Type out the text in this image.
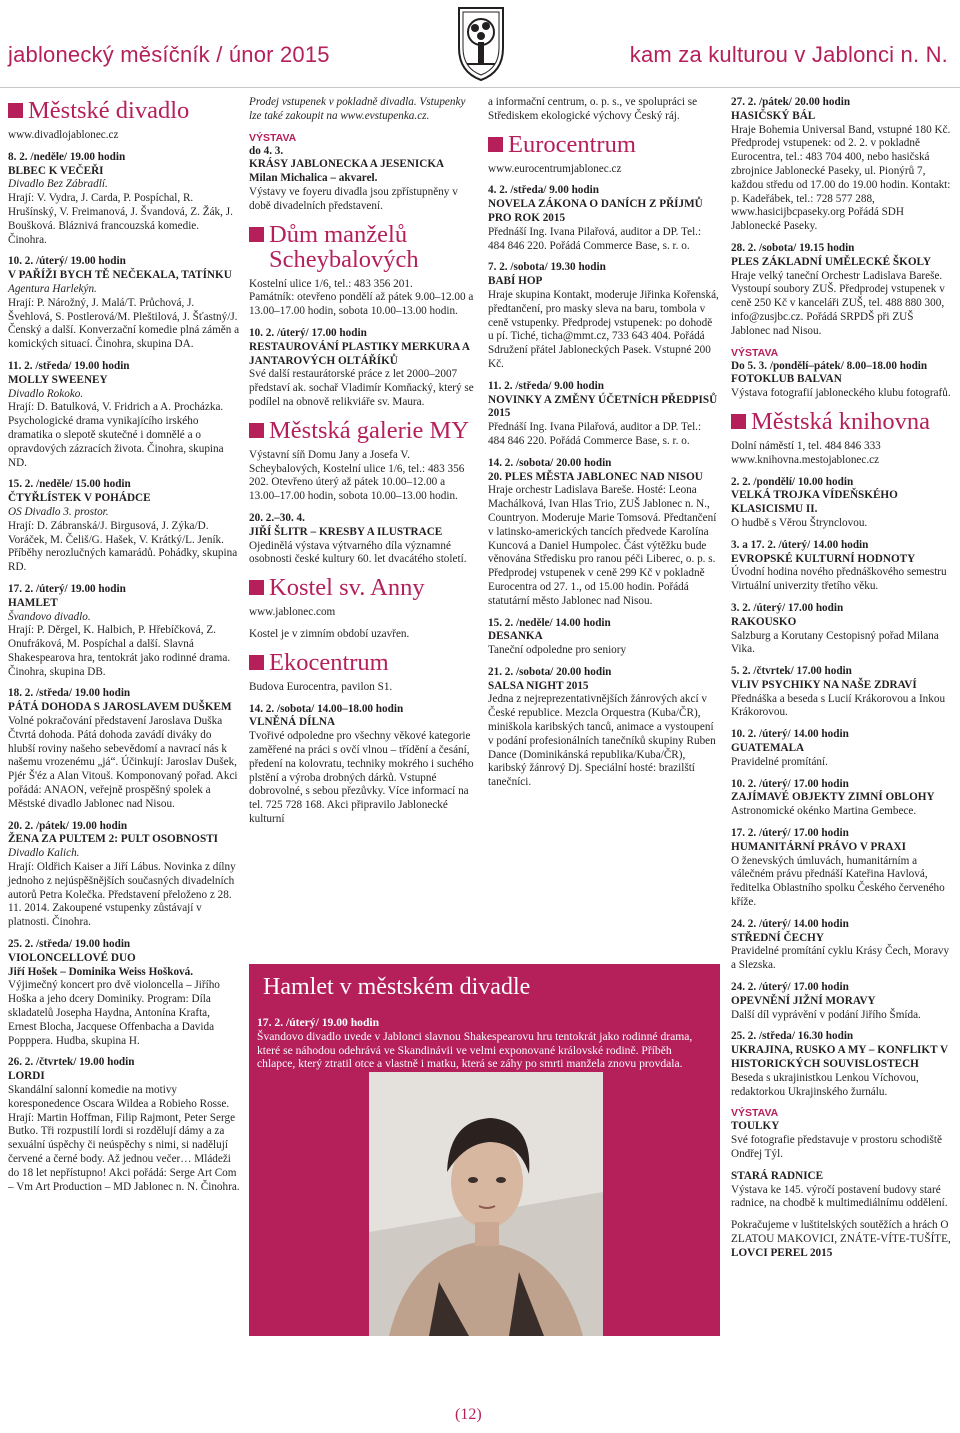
jablonecký měsíčník / únor 2015	kam za kulturou v Jablonci n. N.
Městské divadlo
www.divadlojablonec.cz
8. 2. /neděle/ 19.00 hodin
BLBEC K VEČEŘI
Divadlo Bez Zábradlí.
Hrají: V. Vydra, J. Carda, P. Pospíchal, R. Hrušínský, V. Freimanová, J. Švandová, Z. Žák, J. Boušková. Bláznivá francouzská komedie. Činohra.
10. 2. /úterý/ 19.00 hodin
V PAŘÍŽI BYCH TĚ NEČEKALA, TATÍNKU
Agentura Harlekýn.
Hrají: P. Nárožný, J. Malá/T. Průchová, J. Švehlová, S. Postlerová/M. Pleštilová, J. Šťastný/J. Čenský a další. Konverzační komedie plná záměn a komických situací. Činohra, skupina DA.
11. 2. /středa/ 19.00 hodin
MOLLY SWEENEY
Divadlo Rokoko.
Hrají: D. Batulková, V. Fridrich a A. Procházka. Psychologické drama vynikajícího irského dramatika o slepotě skutečné i domnělé a o opravdových zázracích života. Činohra, skupina ND.
15. 2. /neděle/ 15.00 hodin
ČTYŘLÍSTEK V POHÁDCE
OS Divadlo 3. prostor.
Hrají: D. Zábranská/J. Birgusová, J. Zýka/D. Voráček, M. Čeliš/G. Hašek, V. Krátký/L. Jeník. Příběhy nerozlučných kamarádů. Pohádky, skupina RD.
17. 2. /úterý/ 19.00 hodin
HAMLET
Švandovo divadlo.
Hrají: P. Děrgel, K. Halbich, P. Hřebíčková, Z. Onufráková, M. Pospíchal a další. Slavná Shakespearova hra, tentokrát jako rodinné drama. Činohra, skupina DB.
18. 2. /středa/ 19.00 hodin
PÁTÁ DOHODA S JAROSLAVEM DUŠKEM
Volné pokračování představení Jaroslava Duška Čtvrtá dohoda. Pátá dohoda zavádí diváky do hlubší roviny našeho sebevědomí a navrací nás k našemu vrozenému „já“. Účinkují: Jaroslav Dušek, Pjér Š'éz a Alan Vitouš. Komponovaný pořad. Akci pořádá: ANAON, veřejně prospěšný spolek a Městské divadlo Jablonec nad Nisou.
20. 2. /pátek/ 19.00 hodin
ŽENA ZA PULTEM 2: PULT OSOBNOSTI
Divadlo Kalich.
Hrají: Oldřich Kaiser a Jiří Lábus. Novinka z dílny jednoho z nejúspěšnějších současných divadelních autorů Petra Kolečka. Představení přeloženo z 28. 11. 2014. Zakoupené vstupenky zůstávají v platnosti. Činohra.
25. 2. /středa/ 19.00 hodin
VIOLONCELLOVÉ DUO
Jiří Hošek – Dominika Weiss Hošková.
Výjimečný koncert pro dvě violoncella – Jiřího Hoška a jeho dcery Dominiky. Program: Díla skladatelů Josepha Haydna, Antonína Krafta, Ernest Blocha, Jacquese Offenbacha a Davida Popppera. Hudba, skupina H.
26. 2. /čtvrtek/ 19.00 hodin
LORDI
Skandální salonní komedie na motivy koresponedence Oscara Wildea a Robieho Rosse. Hrají: Martin Hoffman, Filip Rajmont, Peter Serge Butko. Tři rozpustilí lordi si rozdělují dámy a za sexuální úspěchy či neúspěchy s nimi, si nadělují červené a černé body. Až jednou večer… Mládeži do 18 let nepřístupno! Akci pořádá: Serge Art Com – Vm Art Production – MD Jablonec n. N. Činohra.
Prodej vstupenek v pokladně divadla. Vstupenky lze také zakoupit na www.evstupenka.cz.
VÝSTAVA
do 4. 3.
KRÁSY JABLONECKA A JESENICKA
Milan Michalica – akvarel.
Výstavy ve foyeru divadla jsou zpřístupněny v době divadelních představení.
Dům manželů Scheybalových
Kostelní ulice 1/6, tel.: 483 356 201.
Památník: otevřeno pondělí až pátek 9.00–12.00 a 13.00–17.00 hodin, sobota 10.00–13.00 hodin.
10. 2. /úterý/ 17.00 hodin
RESTAUROVÁNÍ PLASTIKY MERKURA A JANTAROVÝCH OLTÁŘÍKŮ
Své další restaurátorské práce z let 2000–2007 představí ak. sochař Vladimír Komňacký, který se podílel na obnově relikviáře sv. Maura.
Městská galerie MY
Výstavní síň Domu Jany a Josefa V. Scheybalových, Kostelní ulice 1/6, tel.: 483 356 202. Otevřeno úterý až pátek 10.00–12.00 a 13.00–17.00 hodin, sobota 10.00–13.00 hodin.
20. 2.–30. 4.
JIŘÍ ŠLITR – KRESBY A ILUSTRACE
Ojedinělá výstava výtvarného díla významné osobnosti české kultury 60. let dvacátého století.
Kostel sv. Anny
www.jablonec.com
Kostel je v zimním období uzavřen.
Ekocentrum
Budova Eurocentra, pavilon S1.
14. 2. /sobota/ 14.00–18.00 hodin
VLNĚNÁ DÍLNA
Tvořivé odpoledne pro všechny věkové kategorie zaměřené na práci s ovčí vlnou – třídění a česání, předení na kolovratu, techniky mokrého i suchého plstění a výroba drobných dárků. Vstupné dobrovolné, s sebou přezůvky. Více informací na tel. 725 728 168. Akci připravilo Jablonecké kulturní
a informační centrum, o. p. s., ve spolupráci se Střediskem ekologické výchovy Český ráj.
Eurocentrum
www.eurocentrumjablonec.cz
4. 2. /středa/ 9.00 hodin
NOVELA ZÁKONA O DANÍCH Z PŘÍJMŮ PRO ROK 2015
Přednáší Ing. Ivana Pilařová, auditor a DP. Tel.: 484 846 220. Pořádá Commerce Base, s. r. o.
7. 2. /sobota/ 19.30 hodin
BABÍ HOP
Hraje skupina Kontakt, moderuje Jiřinka Kořenská, předtančení, pro masky sleva na baru, tombola v ceně vstupenky. Předprodej vstupenek: po dohodě u pí. Tiché, ticha@mmt.cz, 733 643 404. Pořádá Sdružení přátel Jabloneckých Pasek. Vstupné 200 Kč.
11. 2. /středa/ 9.00 hodin
NOVINKY A ZMĚNY ÚČETNÍCH PŘEDPISŮ 2015
Přednáší Ing. Ivana Pilařová, auditor a DP. Tel.: 484 846 220. Pořádá Commerce Base, s. r. o.
14. 2. /sobota/ 20.00 hodin
20. PLES MĚSTA JABLONEC NAD NISOU
Hraje orchestr Ladislava Bareše. Hosté: Leona Machálková, Ivan Hlas Trio, ZUŠ Jablonec n. N., Countryon. Moderuje Marie Tomsová. Předtančení v latinsko-amerických tancích předvede Karolína Kuncová a Daniel Humpolec. Část výtěžku bude věnována Středisku pro ranou péči Liberec, o. p. s. Předprodej vstupenek v ceně 299 Kč v pokladně Eurocentra od 27. 1., od 15.00 hodin. Pořádá statutární město Jablonec nad Nisou.
15. 2. /neděle/ 14.00 hodin
DESANKA
Taneční odpoledne pro seniory
21. 2. /sobota/ 20.00 hodin
SALSA NIGHT 2015
Jedna z nejreprezentativnějších žánrových akcí v České republice. Mezcla Orquestra (Kuba/ČR), miniškola karibských tanců, animace a vystoupení v podání profesionálních tanečníků skupiny Ruben Dance (Dominikánská republika/Kuba/ČR), karibský žánrový Dj. Speciální hosté: brazilští tanečníci.
27. 2. /pátek/ 20.00 hodin
HASIČSKÝ BÁL
Hraje Bohemia Universal Band, vstupné 180 Kč. Předprodej vstupenek: od 2. 2. v pokladně Eurocentra, tel.: 483 704 400, nebo hasičská zbrojnice Jablonecké Paseky, ul. Pionýrů 7, každou středu od 17.00 do 19.00 hodin. Kontakt: p. Kadeřábek, tel.: 728 577 288, www.hasicijbcpaseky.org Pořádá SDH Jablonecké Paseky.
28. 2. /sobota/ 19.15 hodin
PLES ZÁKLADNÍ UMĚLECKÉ ŠKOLY
Hraje velký taneční Orchestr Ladislava Bareše. Vystoupí soubory ZUŠ. Předprodej vstupenek v ceně 250 Kč v kanceláři ZUŠ, tel. 488 880 300, info@zusjbc.cz. Pořádá SRPDŠ při ZUŠ Jablonec nad Nisou.
VÝSTAVA
Do 5. 3. /pondělí–pátek/ 8.00–18.00 hodin
FOTOKLUB BALVAN
Výstava fotografií jabloneckého klubu fotografů.
Městská knihovna
Dolní náměstí 1, tel. 484 846 333
www.knihovna.mestojablonec.cz
2. 2. /pondělí/ 10.00 hodin
VELKÁ TROJKA VÍDEŇSKÉHO KLASICISMU II.
O hudbě s Věrou Štrynclovou.
3. a 17. 2. /úterý/ 14.00 hodin
EVROPSKÉ KULTURNÍ HODNOTY
Úvodní hodina nového přednáškového semestru Virtuální univerzity třetího věku.
3. 2. /úterý/ 17.00 hodin
RAKOUSKO
Salzburg a Korutany Cestopisný pořad Milana Vika.
5. 2. /čtvrtek/ 17.00 hodin
VLIV PSYCHIKY NA NAŠE ZDRAVÍ
Přednáška a beseda s Lucií Krákorovou a Inkou Krákorovou.
10. 2. /úterý/ 14.00 hodin
GUATEMALA
Pravidelné promítání.
10. 2. /úterý/ 17.00 hodin
ZAJÍMAVÉ OBJEKTY ZIMNÍ OBLOHY
Astronomické okénko Martina Gembece.
17. 2. /úterý/ 17.00 hodin
HUMANITÁRNÍ PRÁVO V PRAXI
O ženevských úmluvách, humanitárním a válečném právu přednáší Kateřina Havlová, ředitelka Oblastního spolku Českého červeného kříže.
24. 2. /úterý/ 14.00 hodin
STŘEDNÍ ČECHY
Pravidelné promítání cyklu Krásy Čech, Moravy a Slezska.
24. 2. /úterý/ 17.00 hodin
OPEVNĚNÍ JIŽNÍ MORAVY
Další díl vyprávění v podání Jiřího Šmída.
25. 2. /středa/ 16.30 hodin
UKRAJINA, RUSKO A MY – KONFLIKT V HISTORICKÝCH SOUVISLOSTECH
Beseda s ukrajinistkou Lenkou Víchovou, redaktorkou Ukrajinského žurnálu.
VÝSTAVA
TOULKY
Své fotografie představuje v prostoru schodiště Ondřej Týl.
STARÁ RADNICE
Výstava ke 145. výročí postavení budovy staré radnice, na chodbě k multimediálnímu oddělení.
Pokračujeme v luštitelských soutěžích a hrách O ZLATOU MAKOVICI, ZNÁTE-VÍTE-TUŠÍTE,
LOVCI PEREL 2015
Hamlet v městském divadle
17. 2. /úterý/ 19.00 hodin
Švandovo divadlo uvede v Jablonci slavnou Shakespearovu hru tentokrát jako rodinné drama, které se náhodou odehrává ve Skandinávii ve velmi exponované královské rodině. Příběh chlapce, který ztratil otce a vlastně i matku, která se záhy po smrti manžela znovu provdala.
(12)
